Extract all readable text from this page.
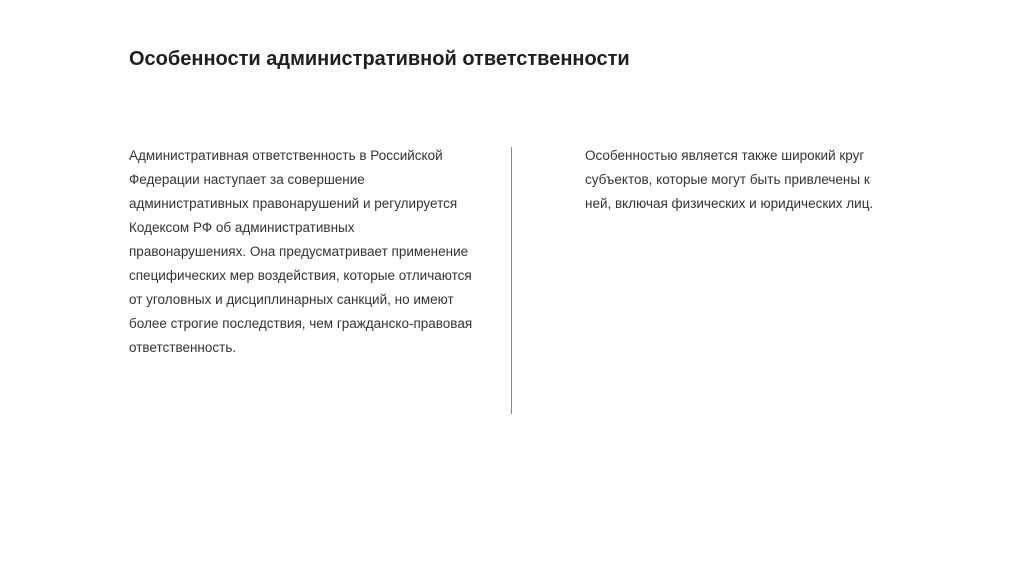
Особенности административной ответственности

Административная ответственность в Российской Федерации наступает за совершение административных правонарушений и регулируется Кодексом РФ об административных правонарушениях. Она предусматривает применение специфических мер воздействия, которые отличаются от уголовных и дисциплинарных санкций, но имеют более строгие последствия, чем гражданско-правовая ответственность.

Особенностью является также широкий круг субъектов, которые могут быть привлечены к ней, включая физических и юридических лиц.
